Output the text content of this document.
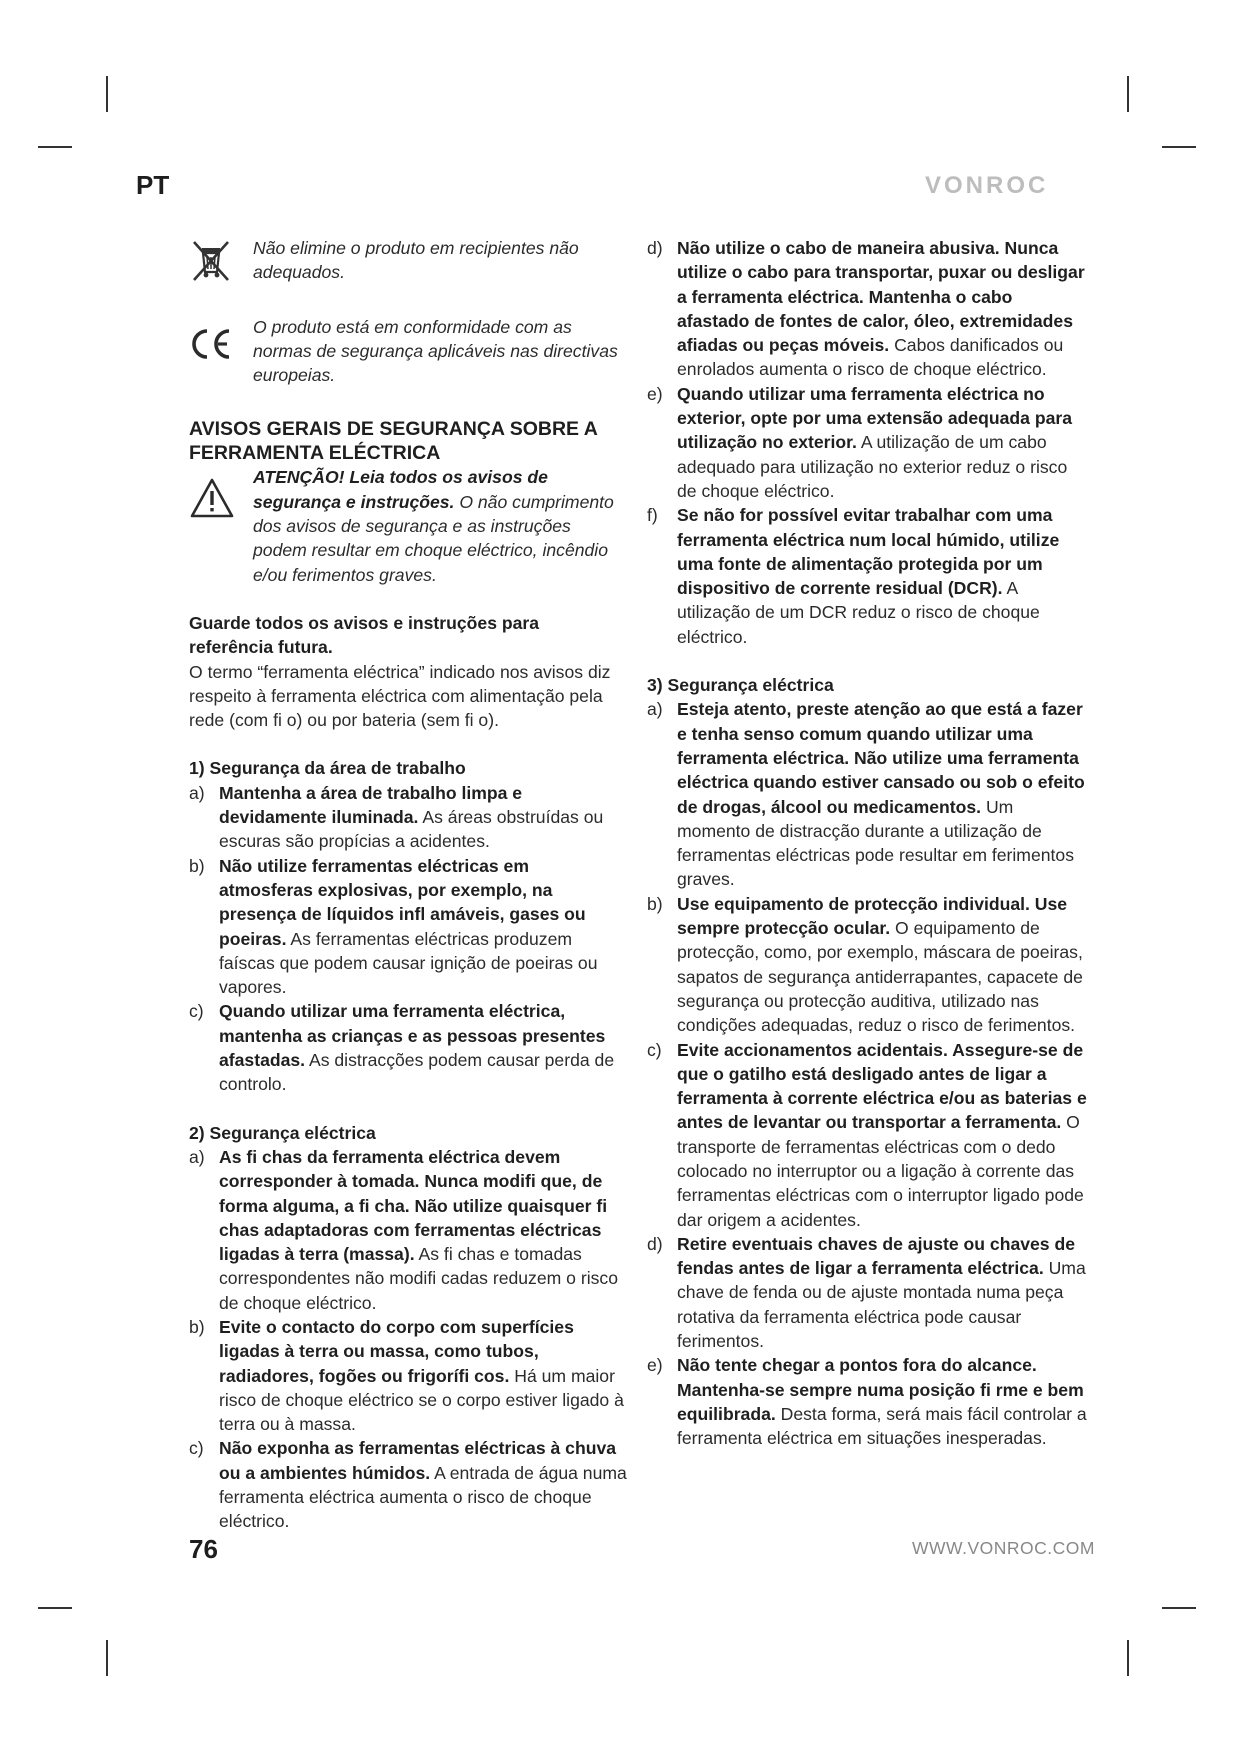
PT	VONROC
Não elimine o produto em recipientes não adequados.
O produto está em conformidade com as normas de segurança aplicáveis nas directivas europeias.
AVISOS GERAIS DE SEGURANÇA SOBRE A FERRAMENTA ELÉCTRICA
ATENÇÃO! Leia todos os avisos de segurança e instruções. O não cumprimento dos avisos de segurança e as instruções podem resultar em choque eléctrico, incêndio e/ou ferimentos graves.
Guarde todos os avisos e instruções para referência futura.
O termo “ferramenta eléctrica” indicado nos avisos diz respeito à ferramenta eléctrica com alimentação pela rede (com fi o) ou por bateria (sem fi o).
1) Segurança da área de trabalho
a) Mantenha a área de trabalho limpa e devidamente iluminada. As áreas obstruídas ou escuras são propícias a acidentes.
b) Não utilize ferramentas eléctricas em atmosferas explosivas, por exemplo, na presença de líquidos infl amáveis, gases ou poeiras. As ferramentas eléctricas produzem faíscas que podem causar ignição de poeiras ou vapores.
c) Quando utilizar uma ferramenta eléctrica, mantenha as crianças e as pessoas presentes afastadas. As distracções podem causar perda de controlo.
2) Segurança eléctrica
a) As fi chas da ferramenta eléctrica devem corresponder à tomada. Nunca modifi que, de forma alguma, a fi cha. Não utilize quaisquer fi chas adaptadoras com ferramentas eléctricas ligadas à terra (massa). As fi chas e tomadas correspondentes não modifi cadas reduzem o risco de choque eléctrico.
b) Evite o contacto do corpo com superfícies ligadas à terra ou massa, como tubos, radiadores, fogões ou frigorífi cos. Há um maior risco de choque eléctrico se o corpo estiver ligado à terra ou à massa.
c) Não exponha as ferramentas eléctricas à chuva ou a ambientes húmidos. A entrada de água numa ferramenta eléctrica aumenta o risco de choque eléctrico.
d) Não utilize o cabo de maneira abusiva. Nunca utilize o cabo para transportar, puxar ou desligar a ferramenta eléctrica. Mantenha o cabo afastado de fontes de calor, óleo, extremidades afiadas ou peças móveis. Cabos danificados ou enrolados aumenta o risco de choque eléctrico.
e) Quando utilizar uma ferramenta eléctrica no exterior, opte por uma extensão adequada para utilização no exterior. A utilização de um cabo adequado para utilização no exterior reduz o risco de choque eléctrico.
f) Se não for possível evitar trabalhar com uma ferramenta eléctrica num local húmido, utilize uma fonte de alimentação protegida por um dispositivo de corrente residual (DCR). A utilização de um DCR reduz o risco de choque eléctrico.
3) Segurança eléctrica
a) Esteja atento, preste atenção ao que está a fazer e tenha senso comum quando utilizar uma ferramenta eléctrica. Não utilize uma ferramenta eléctrica quando estiver cansado ou sob o efeito de drogas, álcool ou medicamentos. Um momento de distracção durante a utilização de ferramentas eléctricas pode resultar em ferimentos graves.
b) Use equipamento de protecção individual. Use sempre protecção ocular. O equipamento de protecção, como, por exemplo, máscara de poeiras, sapatos de segurança antiderrapantes, capacete de segurança ou protecção auditiva, utilizado nas condições adequadas, reduz o risco de ferimentos.
c) Evite accionamentos acidentais. Assegure-se de que o gatilho está desligado antes de ligar a ferramenta à corrente eléctrica e/ou as baterias e antes de levantar ou transportar a ferramenta. O transporte de ferramentas eléctricas com o dedo colocado no interruptor ou a ligação à corrente das ferramentas eléctricas com o interruptor ligado pode dar origem a acidentes.
d) Retire eventuais chaves de ajuste ou chaves de fendas antes de ligar a ferramenta eléctrica. Uma chave de fenda ou de ajuste montada numa peça rotativa da ferramenta eléctrica pode causar ferimentos.
e) Não tente chegar a pontos fora do alcance. Mantenha-se sempre numa posição fi rme e bem equilibrada. Desta forma, será mais fácil controlar a ferramenta eléctrica em situações inesperadas.
76	WWW.VONROC.COM
